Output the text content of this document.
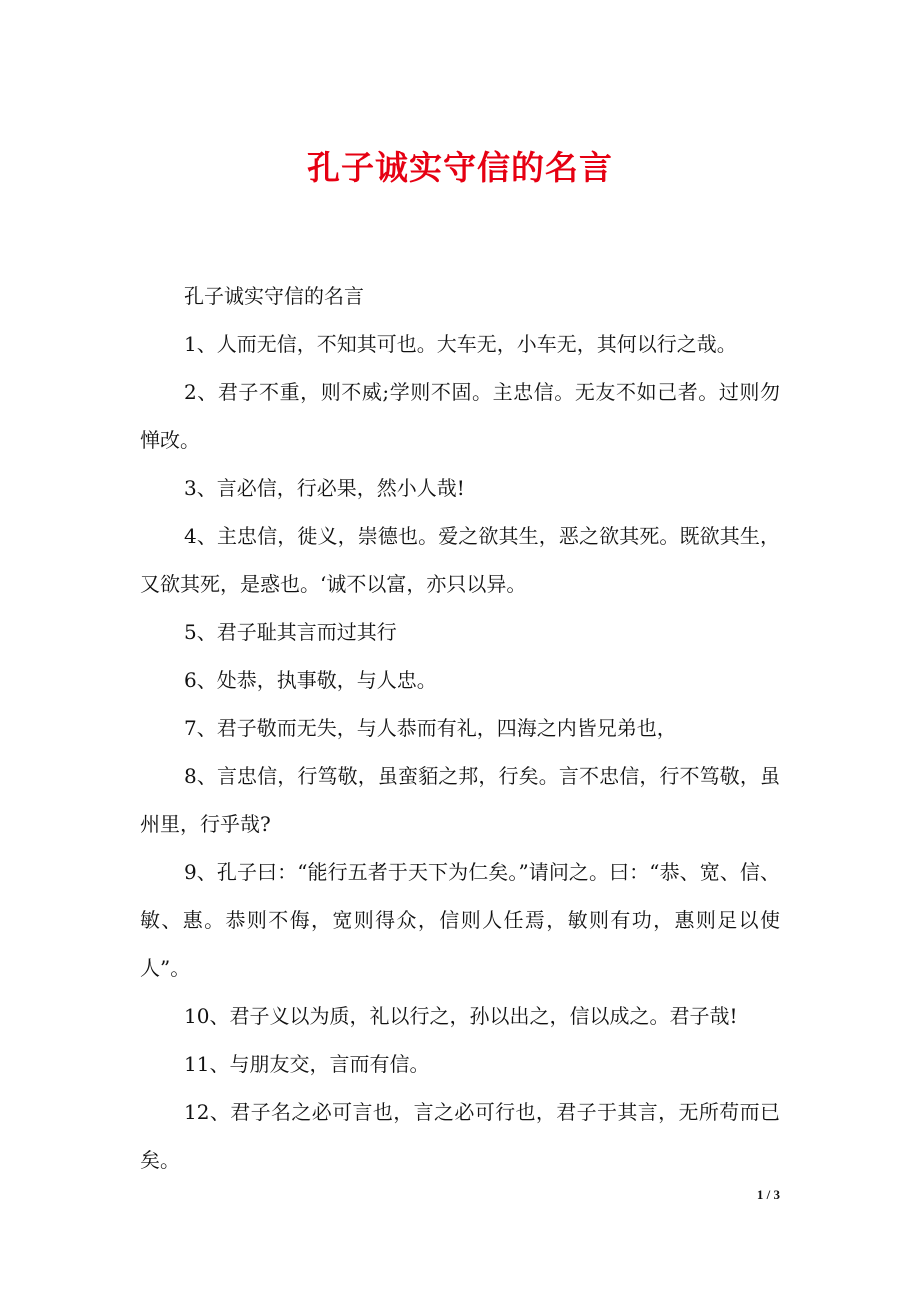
孔子诚实守信的名言

孔子诚实守信的名言

1、人而无信，不知其可也。大车无，小车无，其何以行之哉。

2、君子不重，则不威;学则不固。主忠信。无友不如己者。过则勿惮改。

3、言必信，行必果，然小人哉!

4、主忠信，徙义，崇德也。爱之欲其生，恶之欲其死。既欲其生，又欲其死，是惑也。‘诚不以富，亦只以异。

5、君子耻其言而过其行

6、处恭，执事敬，与人忠。

7、君子敬而无失，与人恭而有礼，四海之内皆兄弟也，

8、言忠信，行笃敬，虽蛮貊之邦，行矣。言不忠信，行不笃敬，虽州里，行乎哉?

9、孔子曰：“能行五者于天下为仁矣。”请问之。曰：“恭、宽、信、敏、惠。恭则不侮，宽则得众，信则人任焉，敏则有功，惠则足以使人”。

10、君子义以为质，礼以行之，孙以出之，信以成之。君子哉!

11、与朋友交，言而有信。

12、君子名之必可言也，言之必可行也，君子于其言，无所苟而已矣。

1 / 3
